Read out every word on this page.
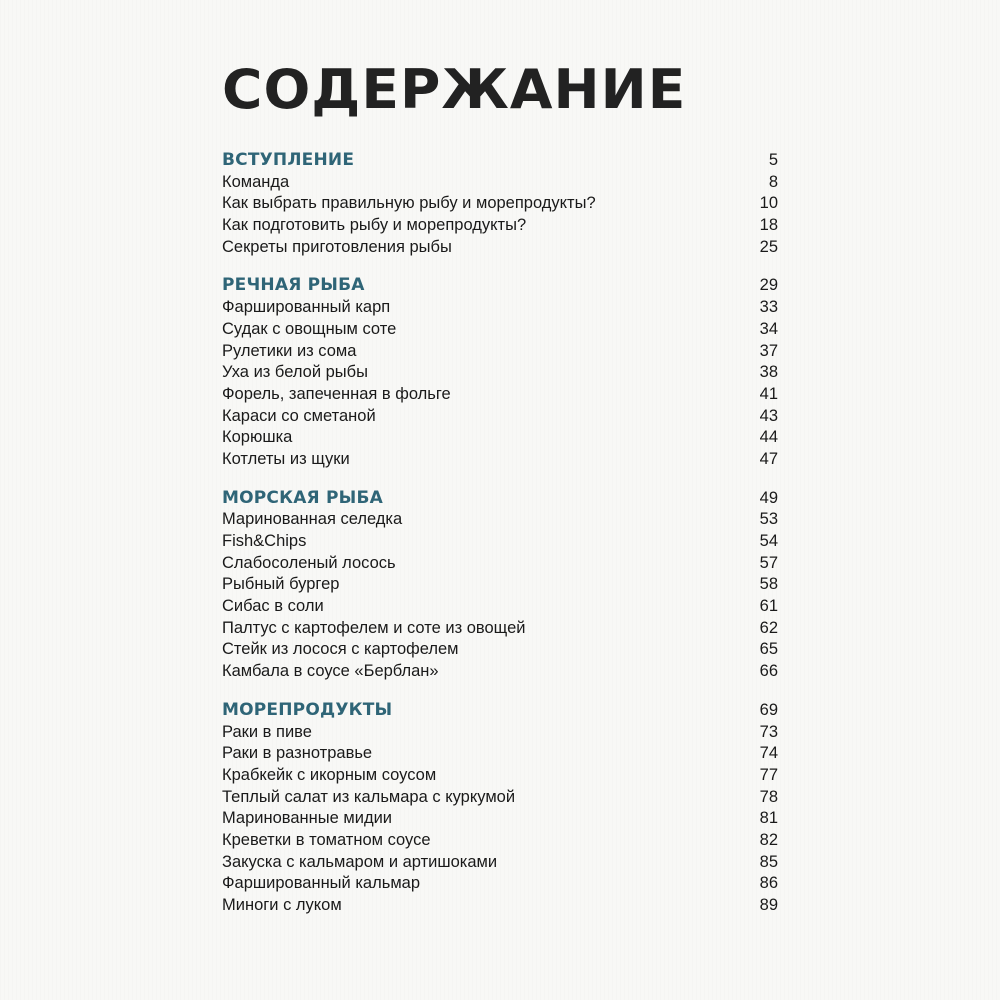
СОДЕРЖАНИЕ
ВСТУПЛЕНИЕ	5
Команда	8
Как выбрать правильную рыбу и морепродукты?	10
Как подготовить рыбу и морепродукты?	18
Секреты приготовления рыбы	25
РЕЧНАЯ РЫБА	29
Фаршированный карп	33
Судак с овощным соте	34
Рулетики из сома	37
Уха из белой рыбы	38
Форель, запеченная в фольге	41
Караси со сметаной	43
Корюшка	44
Котлеты из щуки	47
МОРСКАЯ РЫБА	49
Маринованная селедка	53
Fish&Chips	54
Слабосоленый лосось	57
Рыбный бургер	58
Сибас в соли	61
Палтус с картофелем и соте из овощей	62
Стейк из лосося с картофелем	65
Камбала в соусе «Берблан»	66
МОРЕПРОДУКТЫ	69
Раки в пиве	73
Раки в разнотравье	74
Крабкейк с икорным соусом	77
Теплый салат из кальмара с куркумой	78
Маринованные мидии	81
Креветки в томатном соусе	82
Закуска с кальмаром и артишоками	85
Фаршированный кальмар	86
Миноги с луком	89
